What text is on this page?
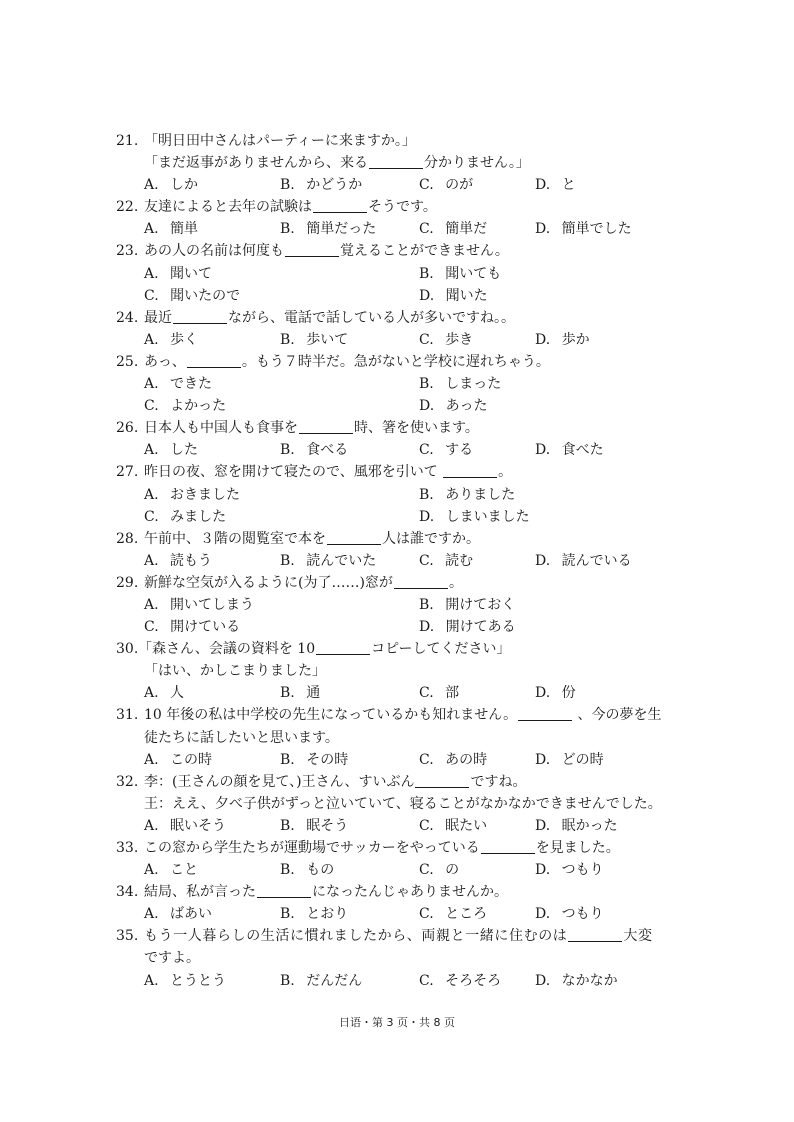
21. 「明日田中さんはパーティーに来ますか。」
「まだ返事がありませんから、来る	分かりません。」
A.  しか	B.  かどうか	C.  のが	D.  と
22. 友達によると去年の試験は	そうです。
A.  簡単	B.  簡単だった	C.  簡単だ	D.  簡単でした
23. あの人の名前は何度も	覚えることができません。
A.  聞いて	B.  聞いても
C.  聞いたので	D.  聞いた
24. 最近	ながら、電話で話している人が多いですね。。
A.  歩く	B.  歩いて	C.  歩き	D.  歩か
25. あっ、	。もう７時半だ。急がないと学校に遅れちゃう。
A.  できた	B.  しまった
C.  よかった	D.  あった
26. 日本人も中国人も食事を	時、箸を使います。
A.  した	B.  食べる	C.  する	D.  食べた
27. 昨日の夜、窓を開けて寝たので、風邪を引いて	。
A.  おきました	B.  ありました
C.  みました	D.  しまいました
28. 午前中、３階の閲覧室で本を	人は誰ですか。
A.  読もう	B.  読んでいた	C.  読む	D.  読んでいる
29. 新鮮な空気が入るように(为了……)窓が	。
A.  開いてしまう	B.  開けておく
C.  開けている	D.  開けてある
30. 「森さん、会議の資料を 10	コピーしてください」
「はい、かしこまりました」
A.  人	B.  通	C.  部	D.  份
31. 10 年後の私は中学校の先生になっているかも知れません。	、今の夢を生
徒たちに話したいと思います。
A.  この時	B.  その時	C.  あの時	D.  どの時
32. 李：(王さんの顔を見て、)王さん、すいぶん	ですね。
王：ええ、夕べ子供がずっと泣いていて、寝ることがなかなかできませんでした。
A.  眠いそう	B.  眠そう	C.  眠たい	D.  眠かった
33. この窓から学生たちが運動場でサッカーをやっている	を見ました。
A.  こと	B.  もの	C.  の	D.  つもり
34. 結局、私が言った	になったんじゃありませんか。
A.  ばあい	B.  とおり	C.  ところ	D.  つもり
35. もう一人暮らしの生活に慣れましたから、両親と一緒に住むのは	大変
ですよ。
A.  とうとう	B.  だんだん	C.  そろそろ D.  なかなか
日语・第 3 页・共 8 页
